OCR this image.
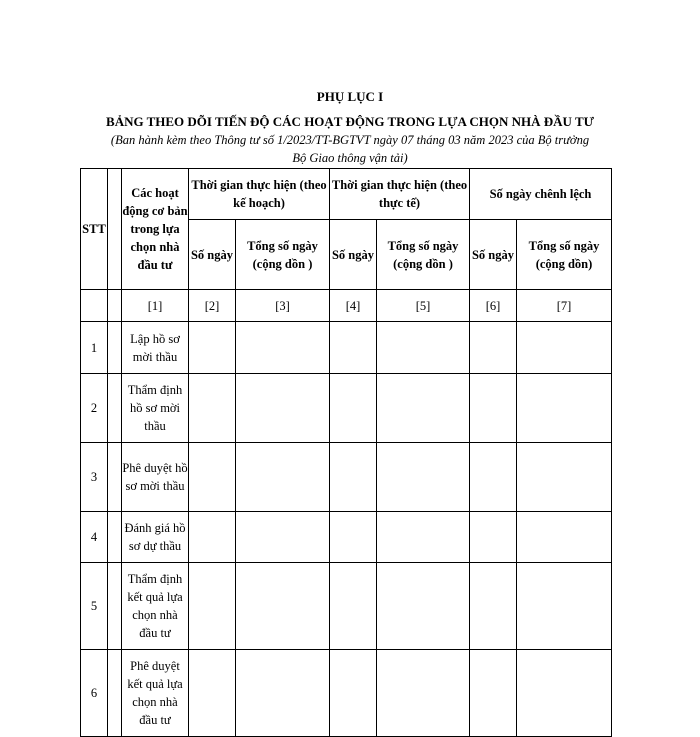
PHỤ LỤC I
BẢNG THEO DÕI TIẾN ĐỘ CÁC HOẠT ĐỘNG TRONG LỰA CHỌN NHÀ ĐẦU TƯ
(Ban hành kèm theo Thông tư số 1/2023/TT-BGTVT ngày 07 tháng 03 năm 2023 của Bộ trưởng
Bộ Giao thông vận tải)
STT		Các hoạt động cơ bản trong lựa chọn nhà đầu tư	Thời gian thực hiện (theo kế hoạch)		Thời gian thực hiện (theo thực tế)		Số ngày chênh lệch	
			Số ngày	Tổng số ngày (cộng dồn )	Số ngày	Tổng số ngày (cộng dồn )	Số ngày	Tổng số ngày (cộng dồn)
		[1]	[2]	[3]	[4]	[5]	[6]	[7]
1		Lập hồ sơ mời thầu						
2		Thẩm định hồ sơ mời thầu						
3		Phê duyệt hồ sơ mời thầu						
4		Đánh giá hồ sơ dự thầu						
5		Thẩm định kết quả lựa chọn nhà đầu tư						
6		Phê duyệt kết quả lựa chọn nhà đầu tư						
